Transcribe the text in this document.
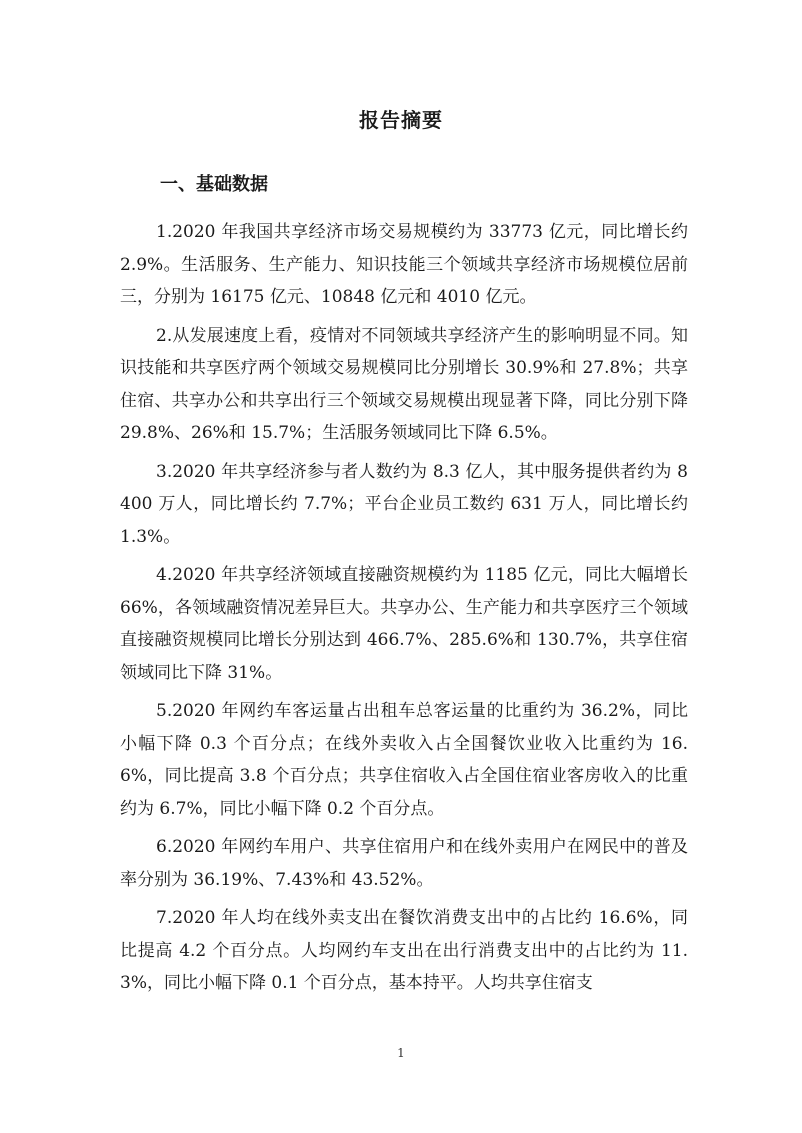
报告摘要
一、基础数据

1.2020 年我国共享经济市场交易规模约为 33773 亿元，同比增长约 2.9%。生活服务、生产能力、知识技能三个领域共享经济市场规模位居前三，分别为 16175 亿元、10848 亿元和 4010 亿元。

2.从发展速度上看，疫情对不同领域共享经济产生的影响明显不同。知识技能和共享医疗两个领域交易规模同比分别增长 30.9%和 27.8%；共享住宿、共享办公和共享出行三个领域交易规模出现显著下降，同比分别下降 29.8%、26%和 15.7%；生活服务领域同比下降 6.5%。

3.2020 年共享经济参与者人数约为 8.3 亿人，其中服务提供者约为 8400 万人，同比增长约 7.7%；平台企业员工数约 631 万人，同比增长约 1.3%。

4.2020 年共享经济领域直接融资规模约为 1185 亿元，同比大幅增长 66%，各领域融资情况差异巨大。共享办公、生产能力和共享医疗三个领域直接融资规模同比增长分别达到 466.7%、285.6%和 130.7%，共享住宿领域同比下降 31%。

5.2020 年网约车客运量占出租车总客运量的比重约为 36.2%，同比小幅下降 0.3 个百分点；在线外卖收入占全国餐饮业收入比重约为 16.6%，同比提高 3.8 个百分点；共享住宿收入占全国住宿业客房收入的比重约为 6.7%，同比小幅下降 0.2 个百分点。

6.2020 年网约车用户、共享住宿用户和在线外卖用户在网民中的普及率分别为 36.19%、7.43%和 43.52%。

7.2020 年人均在线外卖支出在餐饮消费支出中的占比约 16.6%，同比提高 4.2 个百分点。人均网约车支出在出行消费支出中的占比约为 11.3%，同比小幅下降 0.1 个百分点，基本持平。人均共享住宿支

1
